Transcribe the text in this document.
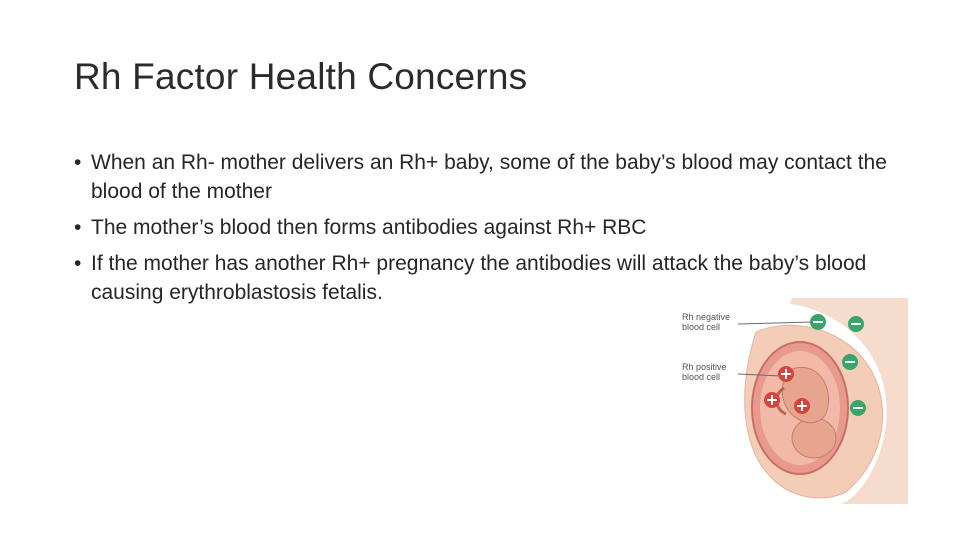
Rh Factor Health Concerns
• When an Rh- mother delivers an Rh+ baby, some of the baby’s blood may contact the blood of the mother
• The mother’s blood then forms antibodies against Rh+ RBC
• If the mother has another Rh+ pregnancy the antibodies will attack the baby’s blood causing erythroblastosis fetalis.
Rh negative
blood cell
Rh positive
blood cell
